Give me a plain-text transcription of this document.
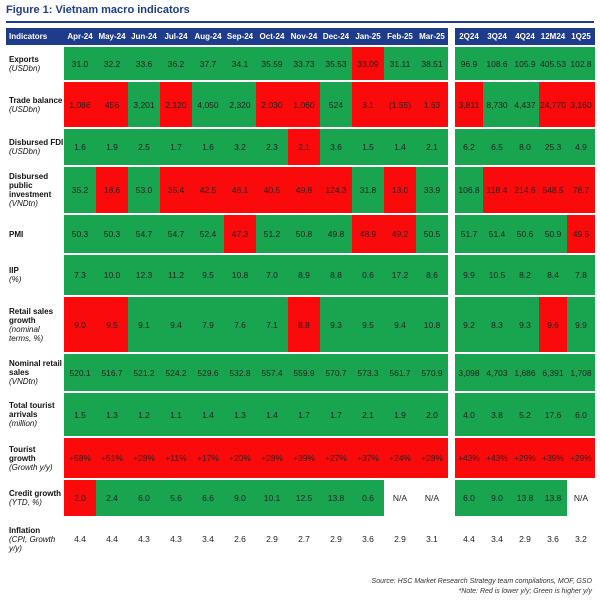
Figure 1: Vietnam macro indicators
Indicators	Apr-24	May-24	Jun-24	Jul-24	Aug-24	Sep-24	Oct-24	Nov-24	Dec-24	Jan-25	Feb-25	Mar-25		2Q24	3Q24	4Q24	12M24	1Q25

Exports
(USDbn)	31.0	32.2	33.6	36.2	37.7	34.1	35.59	33.73	35.53	33.09	31.11	38.51		96.9	108.6	105.9	405.53	102.8

Trade balance
(USDbn)	1,086	456	3,201	2,120	4,050	2,320	2,030	1,060	524	3.1	(1.55)	1.63		3,811	8,730	4,437	24,770	3,160

Disbursed FDI
(USDbn)	1.6	1.9	2.5	1.7	1.6	3.2	2.3	2.1	3.6	1.5	1.4	2.1		6.2	6.5	8.0	25.3	4.9

Disbursed public investment
(VNDtn)	35.2	18.6	53.0	35.4	42.5	46.1	40.5	49.8	124.3	31.8	13.0	33.9		106.8	118.4	214.6	548.5	78.7

PMI	50.3	50.3	54.7	54.7	52.4	47.3	51.2	50.8	49.8	48.9	49.2	50.5		51.7	51.4	50.6	50.9	49.5

IIP
(%)	7.3	10.0	12.3	11.2	9.5	10.8	7.0	8.9	8.8	0.6	17.2	8.6		9.9	10.5	8.2	8.4	7.8

Retail sales growth
(nominal terms, %)	9.0	9.5	9.1	9.4	7.9	7.6	7.1	8.8	9.3	9.5	9.4	10.8		9.2	8.3	9.3	9.6	9.9

Nominal retail sales
(VNDtn)	520.1	516.7	521.2	524.2	529.6	532.8	557.4	559.9	570.7	573.3	561.7	570.9		3,098	4,703	1,686	6,391	1,708

Total tourist arrivals
(million)	1.5	1.3	1.2	1.1	1.4	1.3	1.4	1.7	1.7	2.1	1.9	2.0		4.0	3.8	5.2	17.6	6.0

Tourist growth
(Growth y/y)	+58%	+51%	+28%	+11%	+17%	+20%	+28%	+39%	+27%	+37%	+24%	+28%		+43%	+43%	+29%	+39%	+29%

Credit growth
(YTD, %)	2.0	2.4	6.0	5.6	6.6	9.0	10.1	12.5	13.8	0.6	N/A	N/A		6.0	9.0	13.8	13.8	N/A

Inflation
(CPI, Growth y/y)	4.4	4.4	4.3	4.3	3.4	2.6	2.9	2.7	2.9	3.6	2.9	3.1		4.4	3.4	2.9	3.6	3.2
Source: HSC Market Research Strategy team compilations, MOF, GSO
*Note: Red is lower y/y; Green is higher y/y
